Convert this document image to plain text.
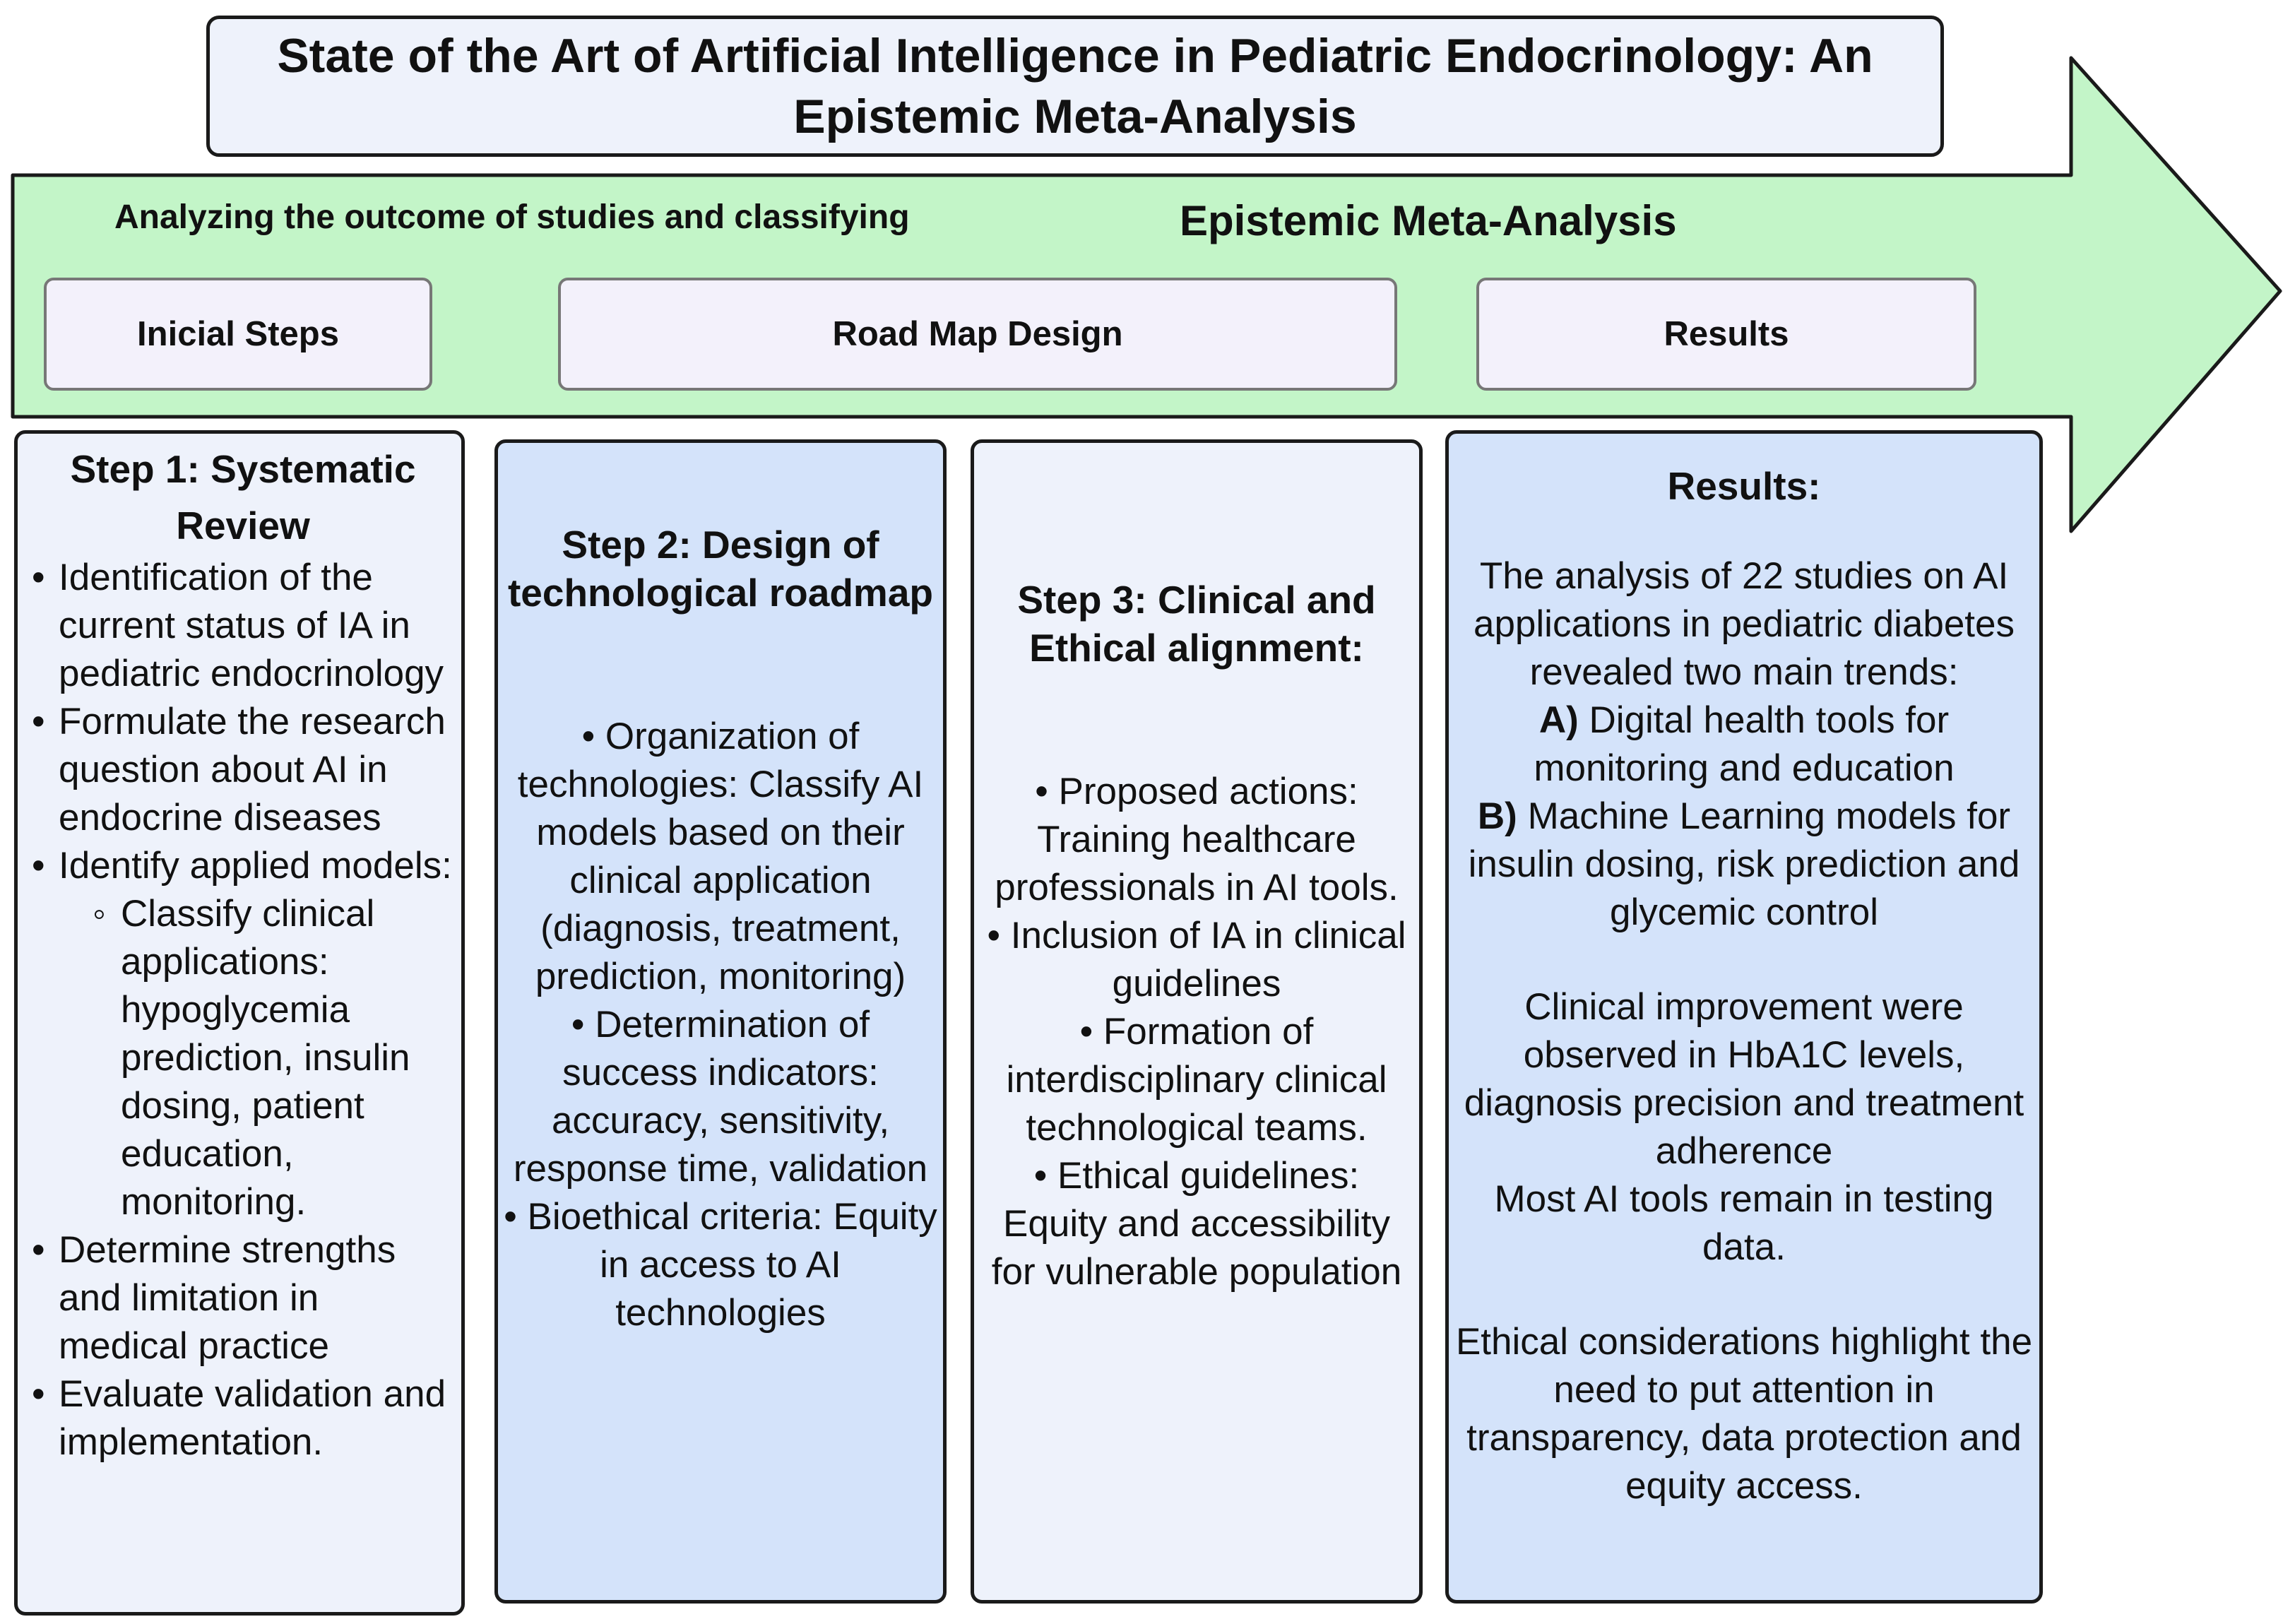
State of the Art of Artificial Intelligence in Pediatric Endocrinology: An Epistemic Meta-Analysis
Analyzing the outcome of studies and classifying	Epistemic Meta-Analysis
Inicial Steps	Road Map Design	Results
Step 1: Systematic Review
• Identification of the current status of IA in pediatric endocrinology
• Formulate the research question about AI in endocrine diseases
• Identify applied models:
◦ Classify clinical applications: hypoglycemia prediction, insulin dosing, patient education, monitoring.
• Determine strengths and limitation in medical practice
• Evaluate validation and implementation.
Step 2: Design of technological roadmap
• Organization of technologies: Classify AI models based on their clinical application (diagnosis, treatment, prediction, monitoring)
• Determination of success indicators: accuracy, sensitivity, response time, validation
• Bioethical criteria: Equity in access to AI technologies
Step 3: Clinical and Ethical alignment:
• Proposed actions: Training healthcare professionals in AI tools.
• Inclusion of IA in clinical guidelines
• Formation of interdisciplinary clinical technological teams.
• Ethical guidelines: Equity and accessibility for vulnerable population
Results:
The analysis of 22 studies on AI applications in pediatric diabetes revealed two main trends:
A) Digital health tools for monitoring and education
B) Machine Learning models for insulin dosing, risk prediction and glycemic control
Clinical improvement were observed in HbA1C levels, diagnosis precision and treatment adherence
Most AI tools remain in testing data.
Ethical considerations highlight the need to put attention in transparency, data protection and equity access.
